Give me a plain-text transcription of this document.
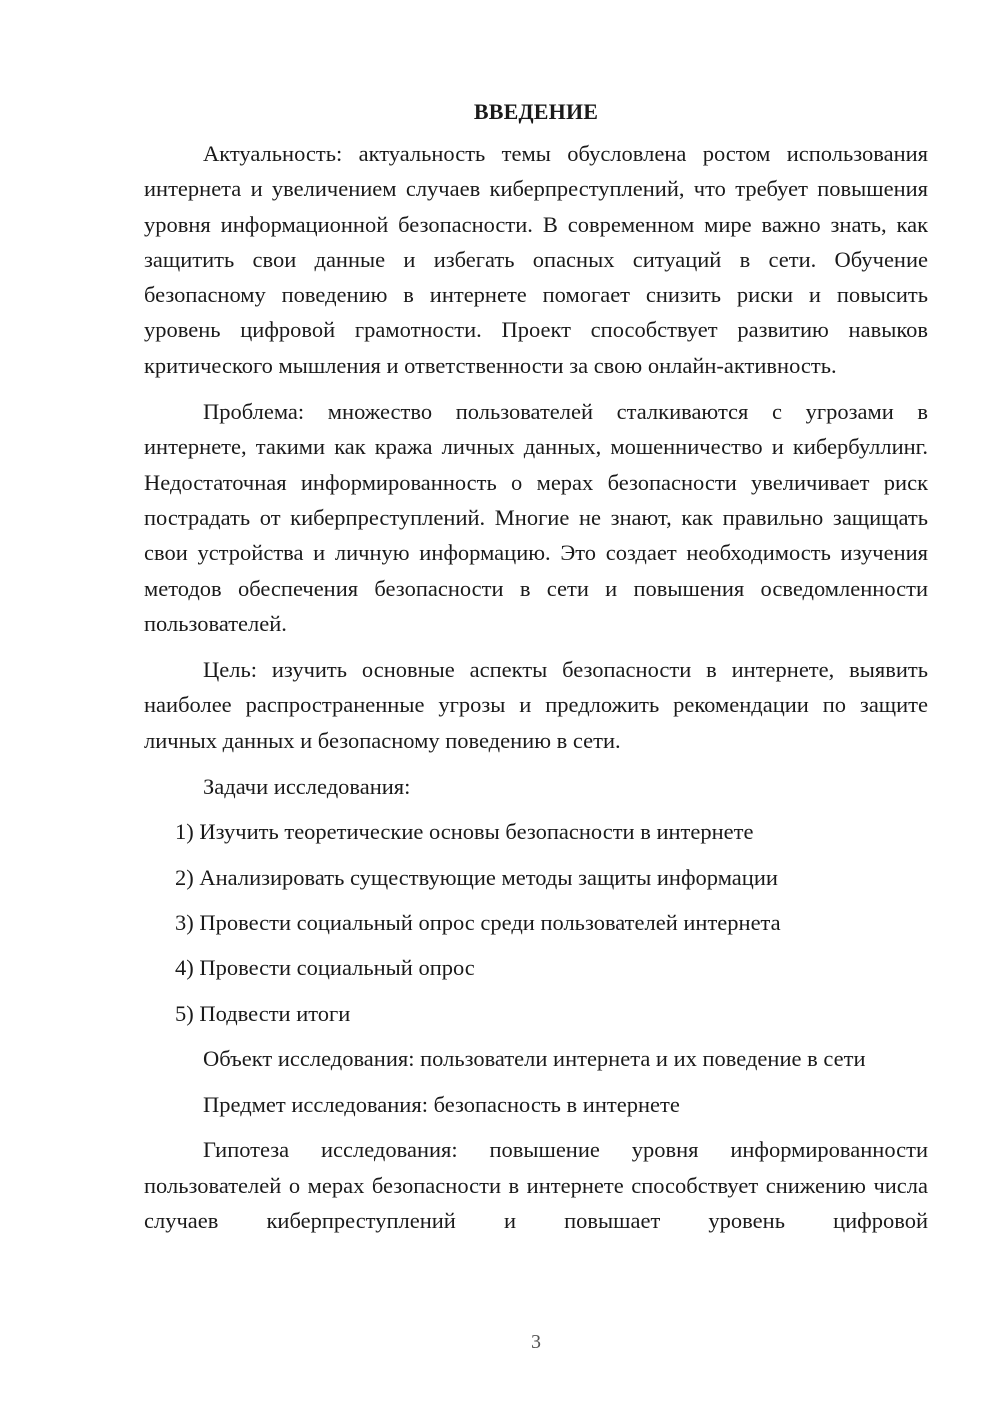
ВВЕДЕНИЕ

Актуальность: актуальность темы обусловлена ростом использования интернета и увеличением случаев киберпреступлений, что требует повышения уровня информационной безопасности. В современном мире важно знать, как защитить свои данные и избегать опасных ситуаций в сети. Обучение безопасному поведению в интернете помогает снизить риски и повысить уровень цифровой грамотности. Проект способствует развитию навыков критического мышления и ответственности за свою онлайн-активность.

Проблема: множество пользователей сталкиваются с угрозами в интернете, такими как кража личных данных, мошенничество и кибербуллинг. Недостаточная информированность о мерах безопасности увеличивает риск пострадать от киберпреступлений. Многие не знают, как правильно защищать свои устройства и личную информацию. Это создает необходимость изучения методов обеспечения безопасности в сети и повышения осведомленности пользователей.

Цель: изучить основные аспекты безопасности в интернете, выявить наиболее распространенные угрозы и предложить рекомендации по защите личных данных и безопасному поведению в сети.

Задачи исследования:

1) Изучить теоретические основы безопасности в интернете

2) Анализировать существующие методы защиты информации

3) Провести социальный опрос среди пользователей интернета

4) Провести социальный опрос

5) Подвести итоги

Объект исследования: пользователи интернета и их поведение в сети

Предмет исследования: безопасность в интернете

Гипотеза исследования: повышение уровня информированности пользователей о мерах безопасности в интернете способствует снижению числа случаев киберпреступлений и повышает уровень цифровой

3
